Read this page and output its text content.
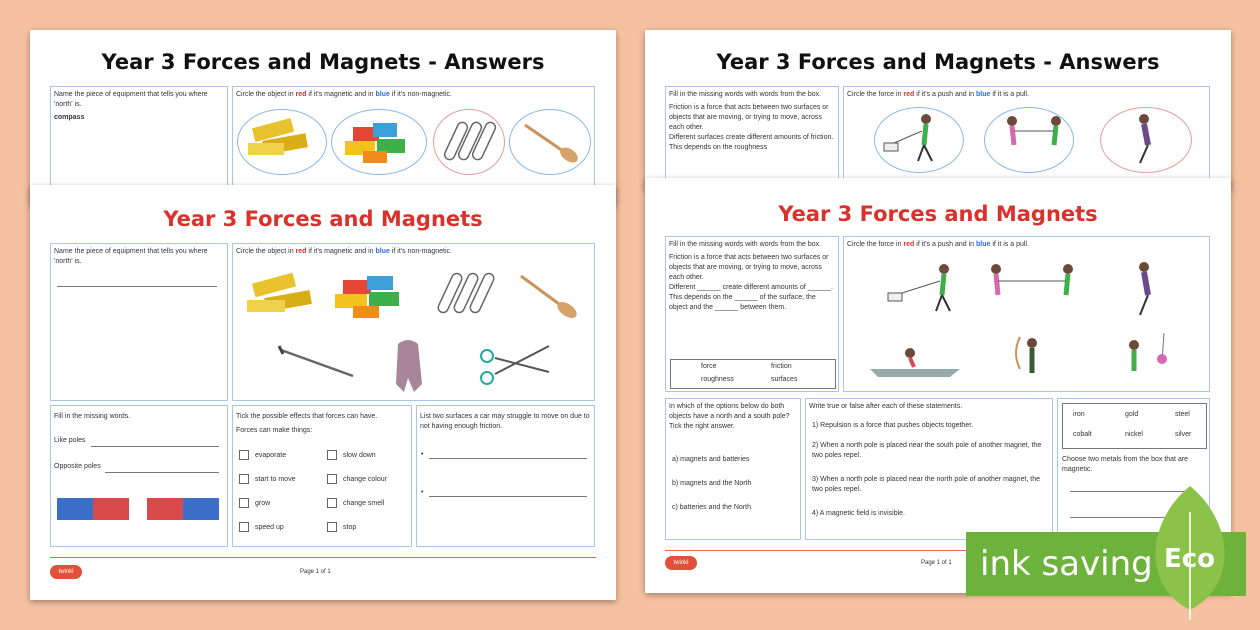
Year 3 Forces and Magnets - Answers
Name the piece of equipment that tells you where 'north' is.
compass
Circle the object in red if it's magnetic and in blue if it's non-magnetic.
Year 3 Forces and Magnets
Name the piece of equipment that tells you where 'north' is.
Circle the object in red if it's magnetic and in blue if it's non-magnetic.
Fill in the missing words.
Like poles
Opposite poles
Tick the possible effects that forces can have.
Forces can make things:
evaporate
start to move
grow
speed up
slow down
change colour
change smell
stop
List two surfaces a car may struggle to move on due to not having enough friction.
•
•
twinkl	Page 1 of 1
Year 3 Forces and Magnets - Answers
Fill in the missing words with words from the box.
Friction is a force that acts between two surfaces or objects that are moving, or trying to move, across each other.
Different surfaces create different amounts of friction. This depends on the roughness
Circle the force in red if it's a push and in blue if it is a pull.
Year 3 Forces and Magnets
Fill in the missing words with words from the box.
Friction is a force that acts between two surfaces or objects that are moving, or trying to move, across each other.
Different ______ create different amounts of ______. This depends on the ______ of the surface, the object and the ______ between them.
force	friction
roughness	surfaces
Circle the force in red if it's a push and in blue if it is a pull.
In which of the options below do both objects have a north and a south pole? Tick the right answer.
a) magnets and batteries
b) magnets and the North
c) batteries and the North
Write true or false after each of these statements.
1) Repulsion is a force that pushes objects together.
2) When a north pole is placed near the south pole of another magnet, the two poles repel.
3) When a north pole is placed near the north pole of another magnet, the two poles repel.
4) A magnetic field is invisible.
iron	gold	steel
cobalt	nickel	silver
Choose two metals from the box that are magnetic.
twinkl	Page 1 of 1 ink saving Eco
